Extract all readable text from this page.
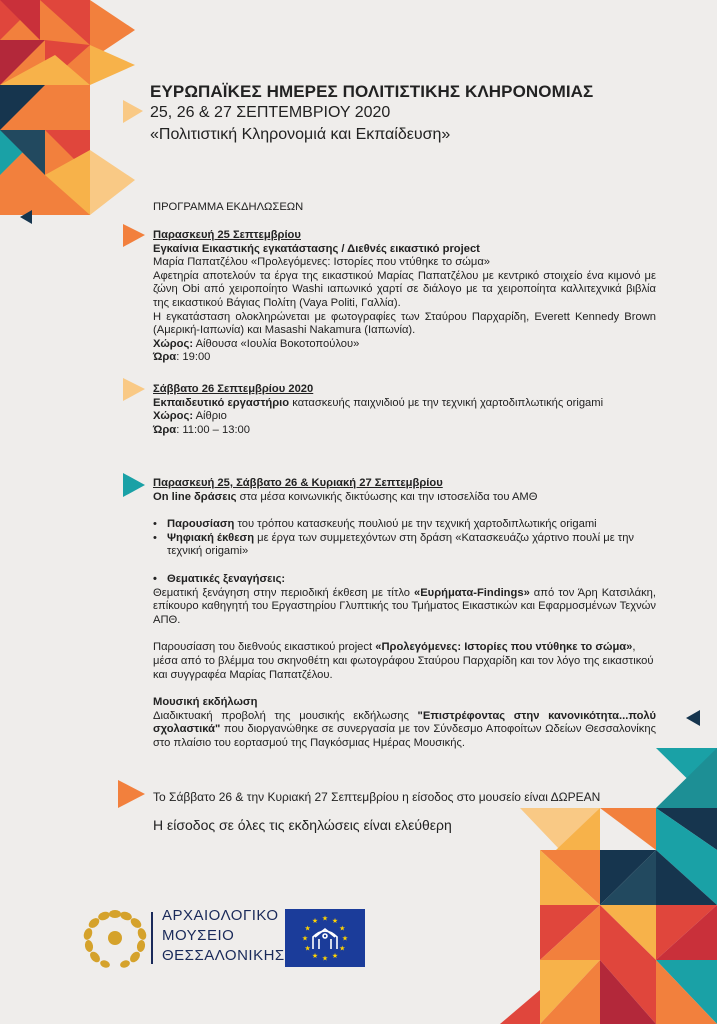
ΕΥΡΩΠΑΪΚΕΣ ΗΜΕΡΕΣ ΠΟΛΙΤΙΣΤΙΚΗΣ ΚΛΗΡΟΝΟΜΙΑΣ
25, 26 & 27 ΣΕΠΤΕΜΒΡΙΟΥ 2020
«Πολιτιστική Κληρονομιά και Εκπαίδευση»
ΠΡΟΓΡΑΜΜΑ ΕΚΔΗΛΩΣΕΩΝ
Παρασκευή 25 Σεπτεμβρίου
Εγκαίνια Εικαστικής εγκατάστασης / Διεθνές εικαστικό project
Μαρία Παπατζέλου «Προλεγόμενες: Ιστορίες που ντύθηκε το σώμα»
Αφετηρία αποτελούν τα έργα της εικαστικού Μαρίας Παπατζέλου με κεντρικό στοιχείο ένα κιμονό με ζώνη Obi από χειροποίητο Washi ιαπωνικό χαρτί σε διάλογο με τα χειροποίητα καλλιτεχνικά βιβλία της εικαστικού Βάγιας Πολίτη (Vaya Politi, Γαλλία).
Η εγκατάσταση ολοκληρώνεται με φωτογραφίες των Σταύρου Παρχαρίδη, Everett Kennedy Brown (Αμερική-Ιαπωνία) και Masashi Nakamura (Ιαπωνία).
Χώρος: Αίθουσα «Ιουλία Βοκοτοπούλου»
Ώρα: 19:00
Σάββατο 26 Σεπτεμβρίου 2020
Εκπαιδευτικό εργαστήριο κατασκευής παιχνιδιού με την τεχνική χαρτοδιπλωτικής origami
Χώρος: Αίθριο
Ώρα: 11:00 – 13:00
Παρασκευή 25, Σάββατο 26 & Κυριακή 27 Σεπτεμβρίου
On line δράσεις στα μέσα κοινωνικής δικτύωσης και την ιστοσελίδα του ΑΜΘ
• Παρουσίαση του τρόπου κατασκευής πουλιού με την τεχνική χαρτοδιπλωτικής origami
• Ψηφιακή έκθεση με έργα των συμμετεχόντων στη δράση «Κατασκευάζω χάρτινο πουλί με την τεχνική origami»
• Θεματικές ξεναγήσεις:
Θεματική ξενάγηση στην περιοδική έκθεση με τίτλο «Ευρήματα-Findings» από τον Άρη Κατσιλάκη, επίκουρο καθηγητή του Εργαστηρίου Γλυπτικής του Τμήματος Εικαστικών και Εφαρμοσμένων Τεχνών ΑΠΘ.
Παρουσίαση του διεθνούς εικαστικού project «Προλεγόμενες: Ιστορίες που ντύθηκε το σώμα», μέσα από το βλέμμα του σκηνοθέτη και φωτογράφου Σταύρου Παρχαρίδη και τον λόγο της εικαστικού και συγγραφέα Μαρίας Παπατζέλου.
Μουσική εκδήλωση
Διαδικτυακή προβολή της μουσικής εκδήλωσης "Επιστρέφοντας στην κανονικότητα...πολύ σχολαστικά" που διοργανώθηκε σε συνεργασία με τον Σύνδεσμο Αποφοίτων Ωδείων Θεσσαλονίκης στο πλαίσιο του εορτασμού της Παγκόσμιας Ημέρας Μουσικής.
Το Σάββατο 26 & την Κυριακή 27 Σεπτεμβρίου η είσοδος στο μουσείο είναι ΔΩΡΕΑΝ
Η είσοδος σε όλες τις εκδηλώσεις είναι ελεύθερη
ΑΡΧΑΙΟΛΟΓΙΚΟ
ΜΟΥΣΕΙΟ
ΘΕΣΣΑΛΟΝΙΚΗΣ
★
★
★
★
★
★
★
★
★ ★ ★
★
